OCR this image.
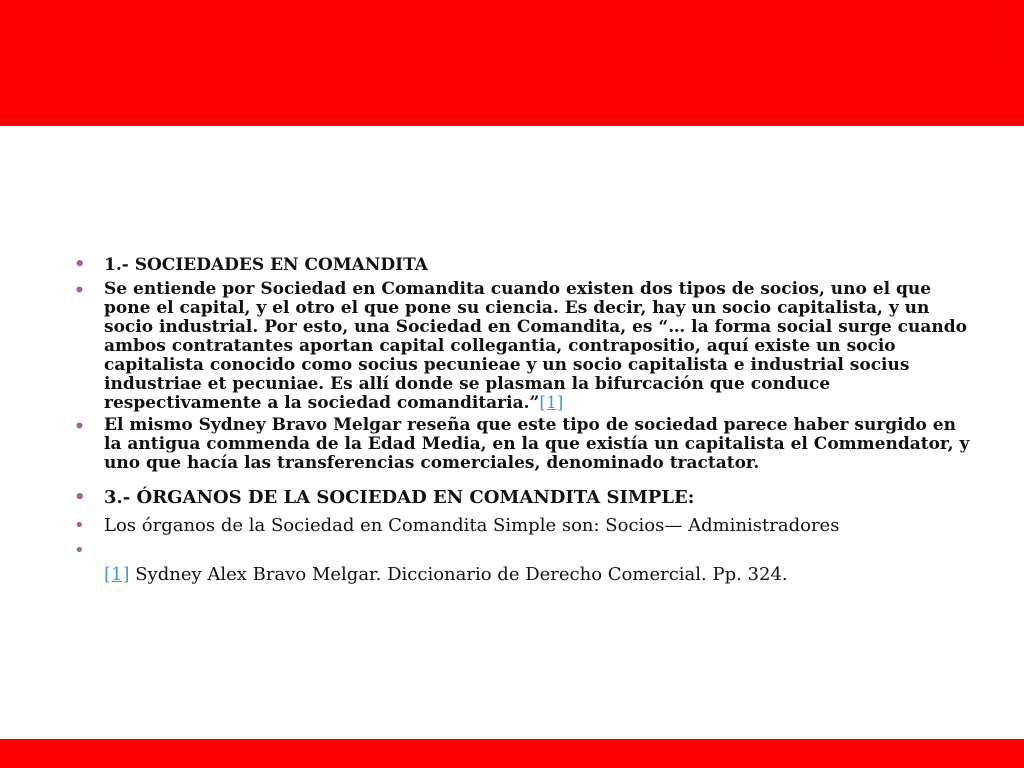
• 1.- SOCIEDADES EN COMANDITA
• Se entiende por Sociedad en Comandita cuando existen dos tipos de socios, uno el que pone el capital, y el otro el que pone su ciencia. Es decir, hay un socio capitalista, y un socio industrial. Por esto, una Sociedad en Comandita, es “… la forma social surge cuando ambos contratantes aportan capital collegantia, contrapositio, aquí existe un socio capitalista conocido como socius pecunieae y un socio capitalista e industrial socius industriae et pecuniae. Es allí donde se plasman la bifurcación que conduce respectivamente a la sociedad comanditaria.”[1]
• El mismo Sydney Bravo Melgar reseña que este tipo de sociedad parece haber surgido en la antigua commenda de la Edad Media, en la que existía un capitalista el Commendator, y uno que hacía las transferencias comerciales, denominado tractator.
• 3.- ÓRGANOS DE LA SOCIEDAD EN COMANDITA SIMPLE:
• Los órganos de la Sociedad en Comandita Simple son: Socios— Administradores
•

[1] Sydney Alex Bravo Melgar. Diccionario de Derecho Comercial. Pp. 324.
